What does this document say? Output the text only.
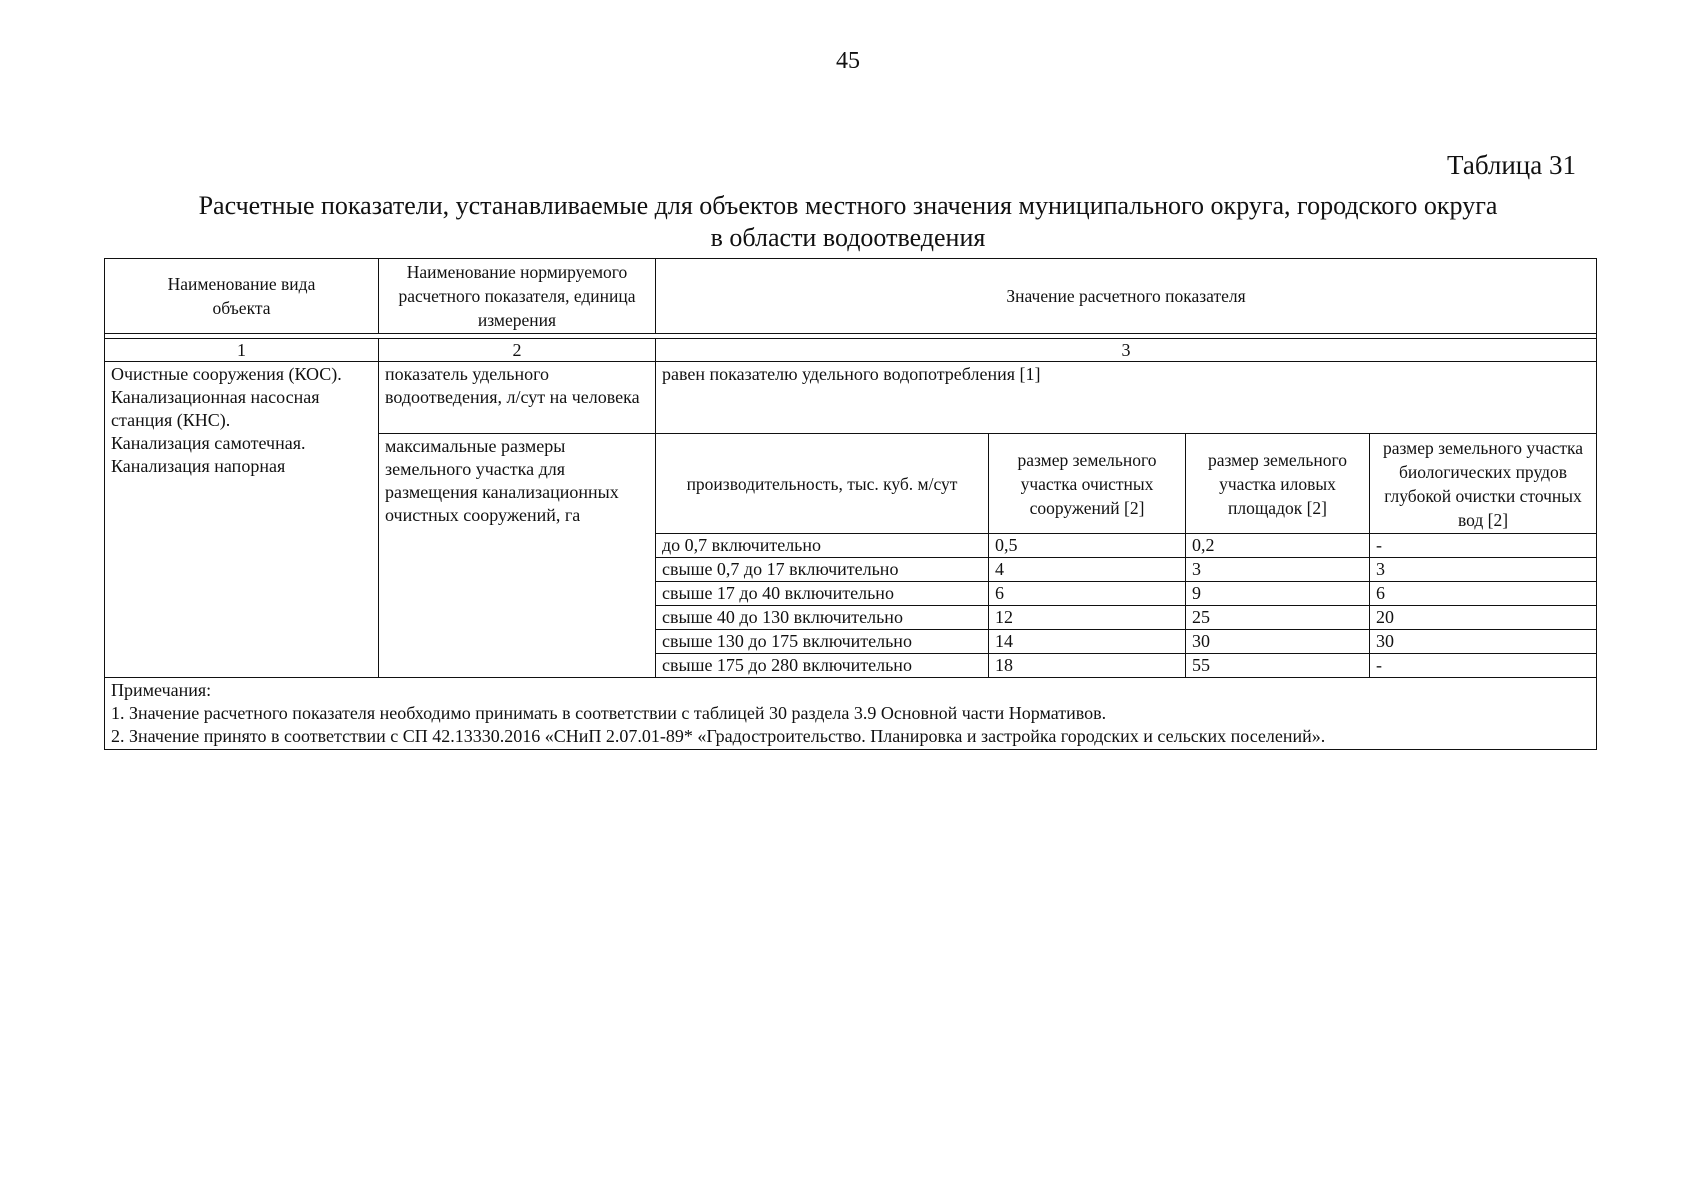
45
Таблица 31
Расчетные показатели, устанавливаемые для объектов местного значения муниципального округа, городского округа
в области водоотведения
Наименование вида объекта	Наименование нормируемого расчетного показателя, единица измерения	Значение расчетного показателя			

1	2	3			

Очистные сооружения (КОС).
Канализационная насосная станция (КНС).
Канализация самотечная.
Канализация напорная	показатель удельного водоотведения, л/сут на человека	равен показателю удельного водопотребления [1]			
	максимальные размеры земельного участка для размещения канализационных очистных сооружений, га	производительность, тыс. куб. м/сут	размер земельного участка очистных сооружений [2]	размер земельного участка иловых площадок [2]	размер земельного участка биологических прудов глубокой очистки сточных вод [2]
		до 0,7 включительно	0,5	0,2	-
		свыше 0,7 до 17 включительно	4	3	3
		свыше 17 до 40 включительно	6	9	6
		свыше 40 до 130 включительно	12	25	20
		свыше 130 до 175 включительно	14	30	30
		свыше 175 до 280 включительно	18	55	-

Примечания:
1. Значение расчетного показателя необходимо принимать в соответствии с таблицей 30 раздела 3.9 Основной части Нормативов.
2. Значение принято в соответствии с СП 42.13330.2016 «СНиП 2.07.01-89* «Градостроительство. Планировка и застройка городских и сельских поселений».					
